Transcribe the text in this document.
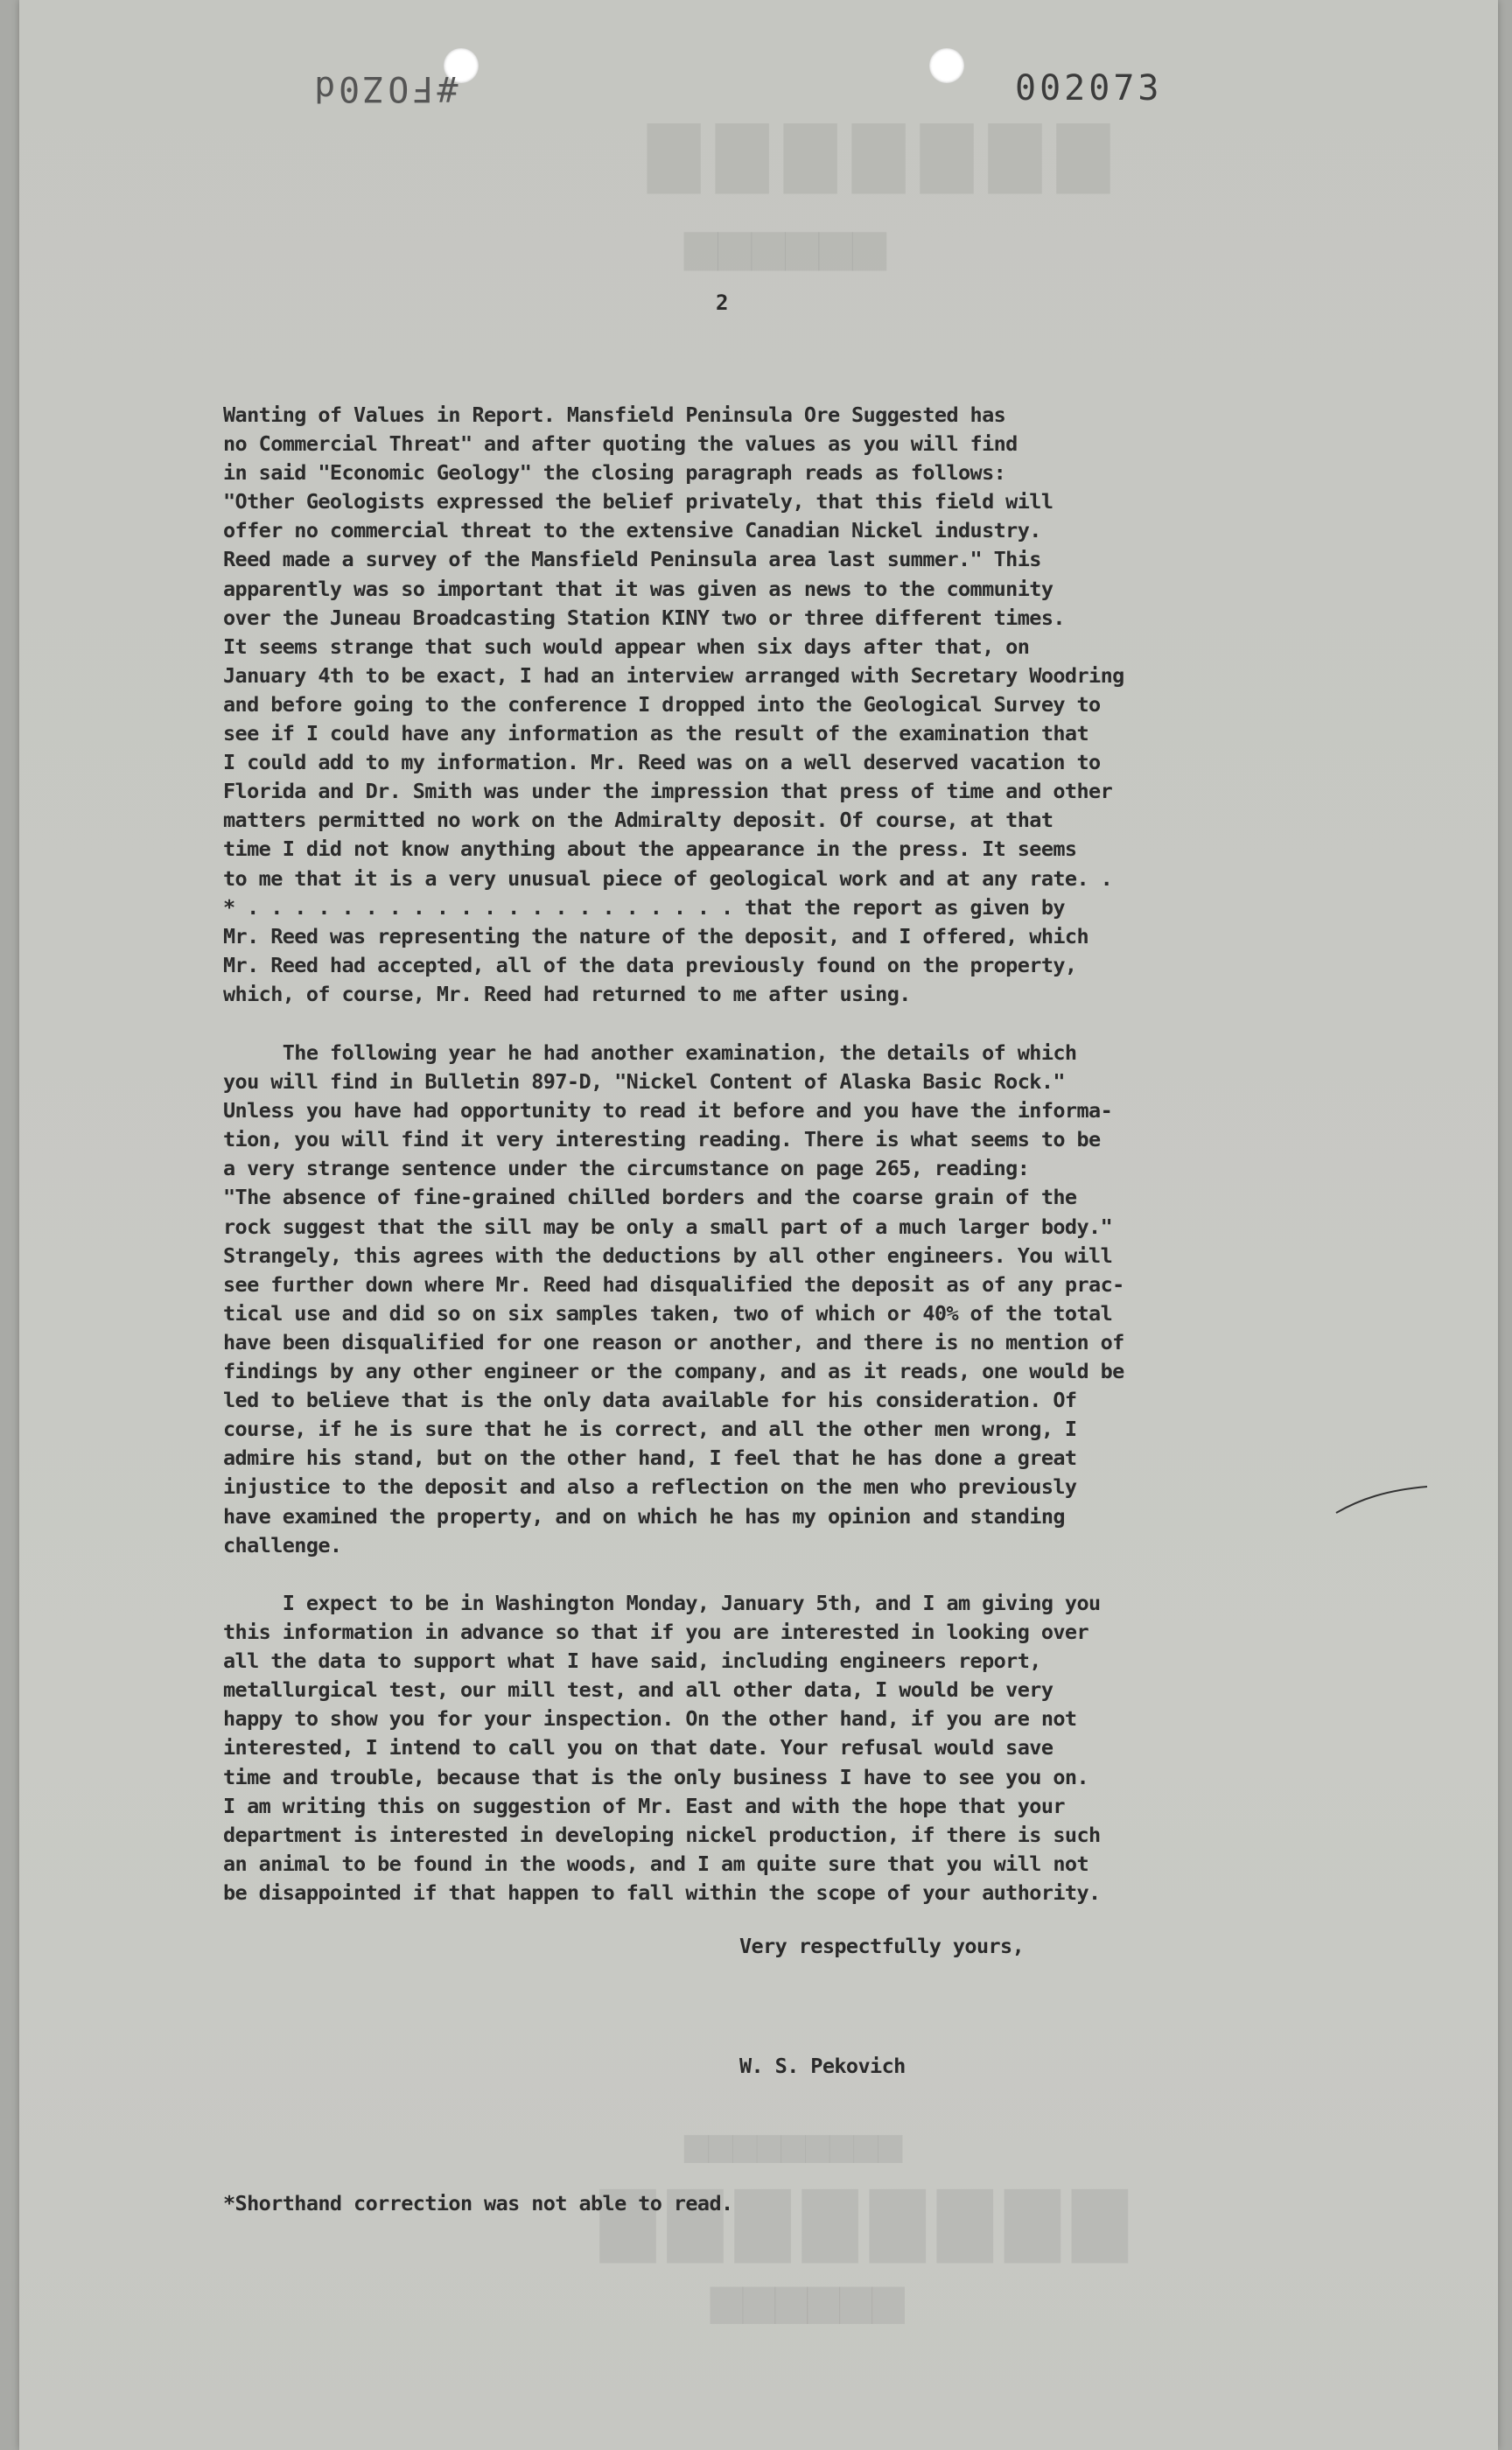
▇▇▇▇▇▇▇
▆▆▆▆▆▆
▆▆▆▆▆▆▆▆▆
▇▇▇▇▇▇▇▇
▆▆▆▆▆▆
#FOZ0d	002073
2
Wanting of Values in Report. Mansfield Peninsula Ore Suggested has
no Commercial Threat" and after quoting the values as you will find
in said "Economic Geology" the closing paragraph reads as follows:
"Other Geologists expressed the belief privately, that this field will
offer no commercial threat to the extensive Canadian Nickel industry.
Reed made a survey of the Mansfield Peninsula area last summer." This
apparently was so important that it was given as news to the community
over the Juneau Broadcasting Station KINY two or three different times.
It seems strange that such would appear when six days after that, on
January 4th to be exact, I had an interview arranged with Secretary Woodring
and before going to the conference I dropped into the Geological Survey to
see if I could have any information as the result of the examination that
I could add to my information. Mr. Reed was on a well deserved vacation to
Florida and Dr. Smith was under the impression that press of time and other
matters permitted no work on the Admiralty deposit. Of course, at that
time I did not know anything about the appearance in the press. It seems
to me that it is a very unusual piece of geological work and at any rate. .
* . . . . . . . . . . . . . . . . . . . . . that the report as given by
Mr. Reed was representing the nature of the deposit, and I offered, which
Mr. Reed had accepted, all of the data previously found on the property,
which, of course, Mr. Reed had returned to me after using.
The following year he had another examination, the details of which
you will find in Bulletin 897-D, "Nickel Content of Alaska Basic Rock."
Unless you have had opportunity to read it before and you have the informa-
tion, you will find it very interesting reading. There is what seems to be
a very strange sentence under the circumstance on page 265, reading:
"The absence of fine-grained chilled borders and the coarse grain of the
rock suggest that the sill may be only a small part of a much larger body."
Strangely, this agrees with the deductions by all other engineers. You will
see further down where Mr. Reed had disqualified the deposit as of any prac-
tical use and did so on six samples taken, two of which or 40% of the total
have been disqualified for one reason or another, and there is no mention of
findings by any other engineer or the company, and as it reads, one would be
led to believe that is the only data available for his consideration. Of
course, if he is sure that he is correct, and all the other men wrong, I
admire his stand, but on the other hand, I feel that he has done a great
injustice to the deposit and also a reflection on the men who previously
have examined the property, and on which he has my opinion and standing
challenge.
I expect to be in Washington Monday, January 5th, and I am giving you
this information in advance so that if you are interested in looking over
all the data to support what I have said, including engineers report,
metallurgical test, our mill test, and all other data, I would be very
happy to show you for your inspection. On the other hand, if you are not
interested, I intend to call you on that date. Your refusal would save
time and trouble, because that is the only business I have to see you on.
I am writing this on suggestion of Mr. East and with the hope that your
department is interested in developing nickel production, if there is such
an animal to be found in the woods, and I am quite sure that you will not
be disappointed if that happen to fall within the scope of your authority.
Very respectfully yours,
W. S. Pekovich
*Shorthand correction was not able to read.
